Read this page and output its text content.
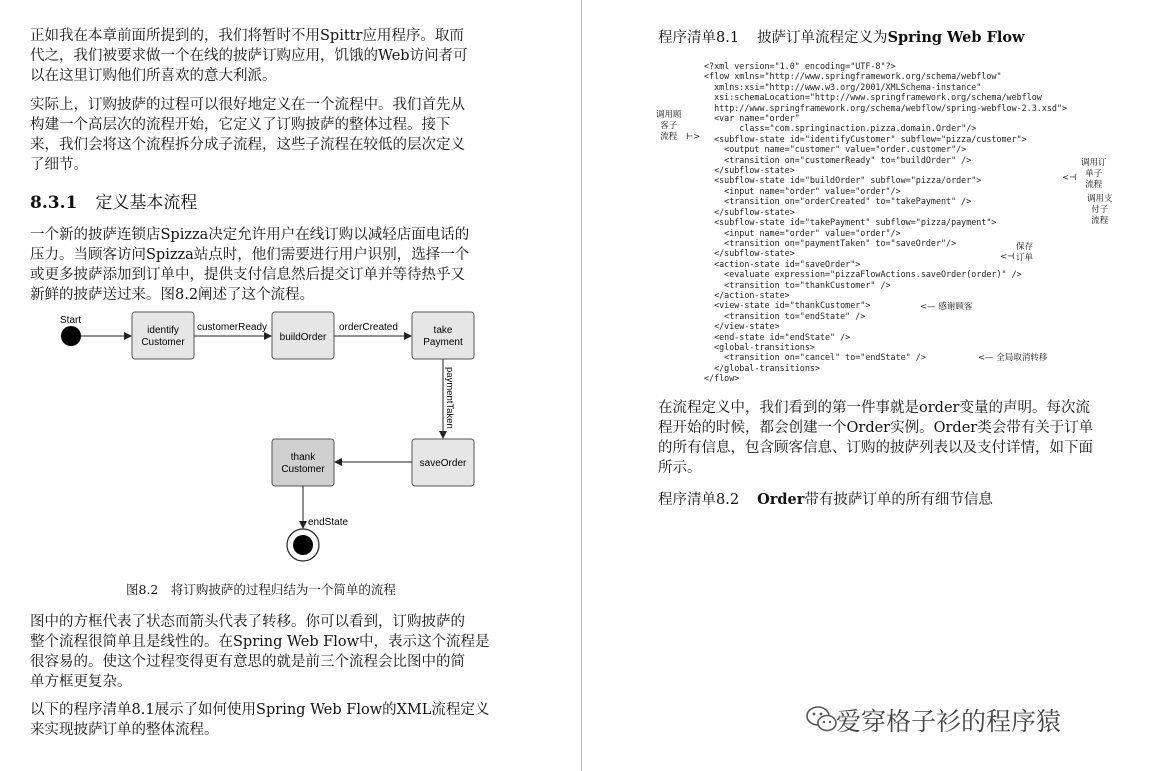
正如我在本章前面所提到的，我们将暂时不用Spittr应用程序。取而
代之，我们被要求做一个在线的披萨订购应用，饥饿的Web访问者可
以在这里订购他们所喜欢的意大利派。
实际上，订购披萨的过程可以很好地定义在一个流程中。我们首先从
构建一个高层次的流程开始，它定义了订购披萨的整体过程。接下
来，我们会将这个流程拆分成子流程，这些子流程在较低的层次定义
了细节。
8.3.1 定义基本流程
一个新的披萨连锁店Spizza决定允许用户在线订购以减轻店面电话的
压力。当顾客访问Spizza站点时，他们需要进行用户识别，选择一个
或更多披萨添加到订单中，提供支付信息然后提交订单并等待热乎又
新鲜的披萨送过来。图8.2阐述了这个流程。
Start
identify
Customer
customerReady
buildOrder
orderCreated	take
Payment
paymentTaken
saveOrder
thank
Customer
endState
图8.2　将订购披萨的过程归结为一个简单的流程
图中的方框代表了状态而箭头代表了转移。你可以看到，订购披萨的
整个流程很简单且是线性的。在Spring Web Flow中，表示这个流程是
很容易的。使这个过程变得更有意思的就是前三个流程会比图中的简
单方框更复杂。
以下的程序清单8.1展示了如何使用Spring Web Flow的XML流程定义
来实现披萨订单的整体流程。
程序清单8.1 披萨订单流程定义为Spring Web Flow
<?xml version="1.0" encoding="UTF-8"?>
<flow xmlns="http://www.springframework.org/schema/webflow"
xmlns:xsi="http://www.w3.org/2001/XMLSchema-instance"
xsi:schemaLocation="http://www.springframework.org/schema/webflow
http://www.springframework.org/schema/webflow/spring-webflow-2.3.xsd">
<var name="order"
class="com.springinaction.pizza.domain.Order"/>
<subflow-state id="identifyCustomer" subflow="pizza/customer">
<output name="customer" value="order.customer"/>
<transition on="customerReady" to="buildOrder" />
</subflow-state>
<subflow-state id="buildOrder" subflow="pizza/order">
<input name="order" value="order"/>
<transition on="orderCreated" to="takePayment" />
</subflow-state>
<subflow-state id="takePayment" subflow="pizza/payment">
<input name="order" value="order"/>
<transition on="paymentTaken" to="saveOrder"/>
</subflow-state>
<action-state id="saveOrder">
<evaluate expression="pizzaFlowActions.saveOrder(order)" />
<transition to="thankCustomer" />
</action-state>
<view-state id="thankCustomer">
<transition to="endState" />
</view-state>
<end-state id="endState" />
<global-transitions>
<transition on="cancel" to="endState" />
</global-transitions>
</flow>
调用顾
客子
流程	⊢>
调用订
单子
流程
<⊣
调用支
付子
流程
保存
订单
<⊣
<— 感谢顾客
<— 全局取消转移
在流程定义中，我们看到的第一件事就是order变量的声明。每次流
程开始的时候，都会创建一个Order实例。Order类会带有关于订单
的所有信息，包含顾客信息、订购的披萨列表以及支付详情，如下面
所示。
程序清单8.2 Order带有披萨订单的所有细节信息
爱穿格子衫的程序猿
